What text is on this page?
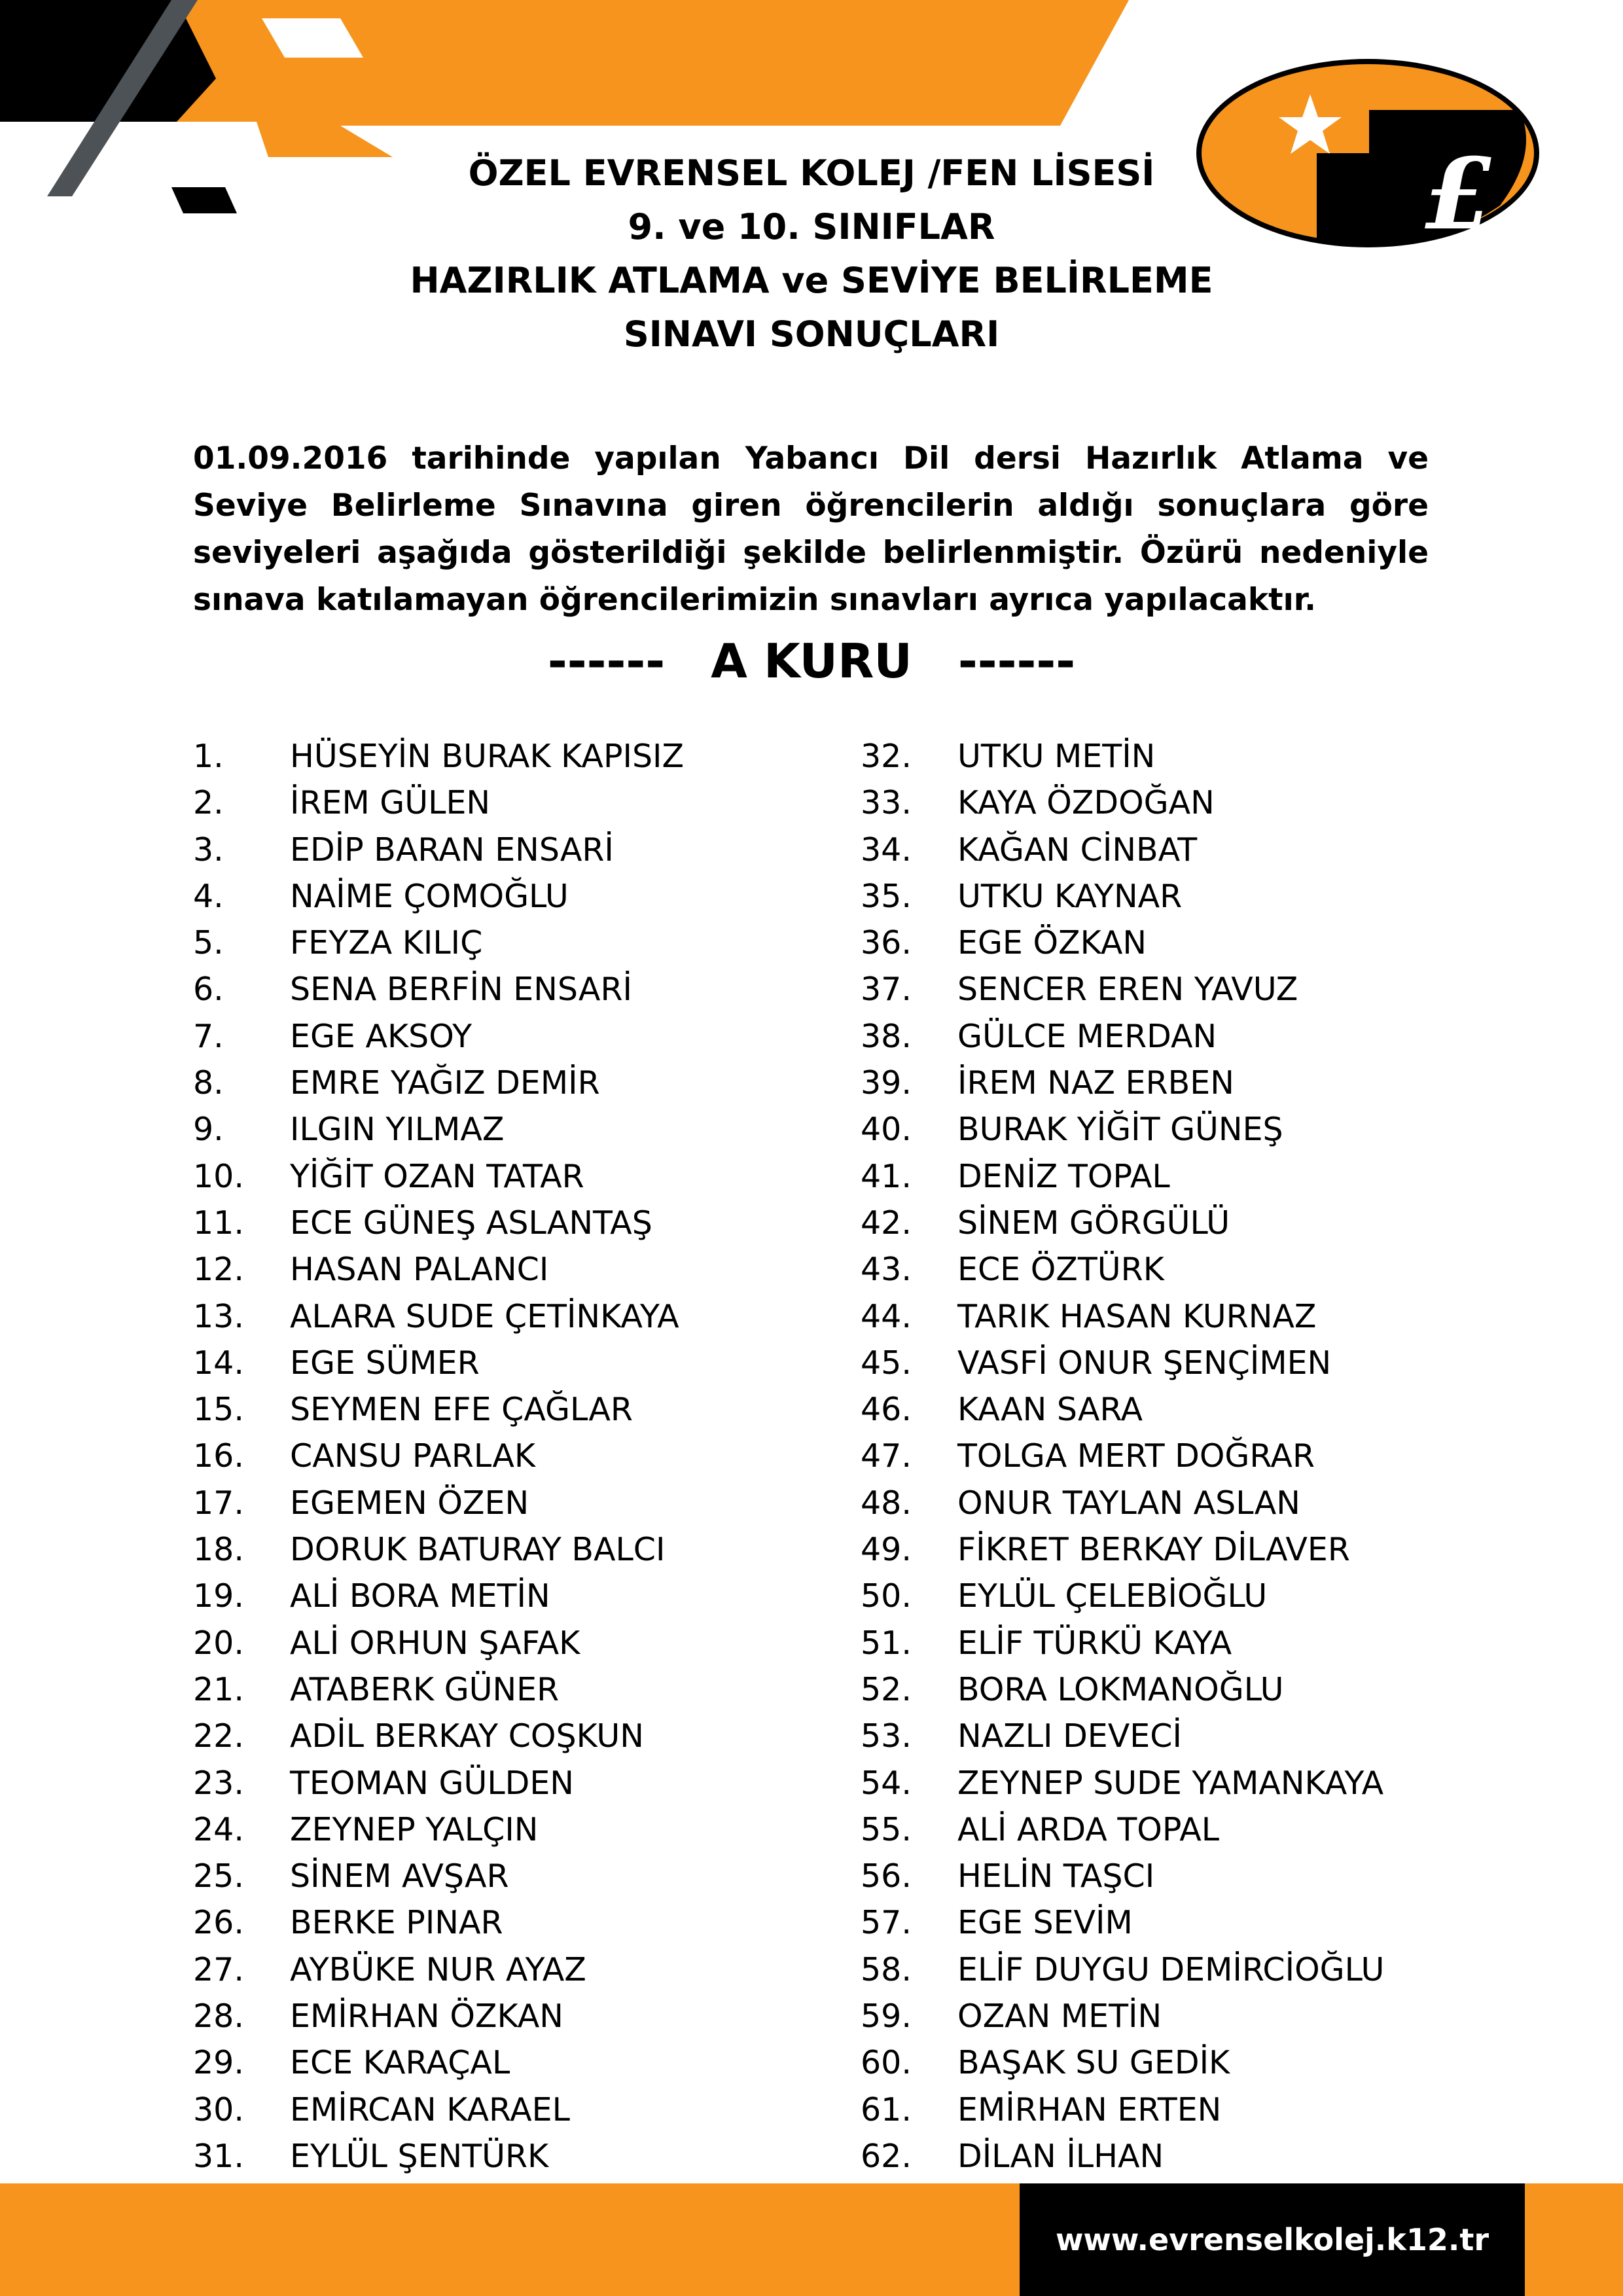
£
ÖZEL EVRENSEL KOLEJ /FEN LİSESİ
9. ve 10. SINIFLAR
HAZIRLIK ATLAMA ve SEVİYE BELİRLEME
SINAVI SONUÇLARI

01.09.2016 tarihinde yapılan Yabancı Dil dersi Hazırlık Atlama ve Seviye Belirleme Sınavına giren öğrencilerin aldığı sonuçlara göre seviyeleri aşağıda gösterildiği şekilde belirlenmiştir. Özürü nedeniyle sınava katılamayan öğrencilerimizin sınavları ayrıca yapılacaktır.

------ A KURU ------
1. HÜSEYİN BURAK KAPISIZ
2. İREM GÜLEN
3. EDİP BARAN ENSARİ
4. NAİME ÇOMOĞLU
5. FEYZA KILIÇ
6. SENA BERFİN ENSARİ
7. EGE AKSOY
8. EMRE YAĞIZ DEMİR
9. ILGIN YILMAZ
10. YİĞİT OZAN TATAR
11. ECE GÜNEŞ ASLANTAŞ
12. HASAN PALANCI
13. ALARA SUDE ÇETİNKAYA
14. EGE SÜMER
15. SEYMEN EFE ÇAĞLAR
16. CANSU PARLAK
17. EGEMEN ÖZEN
18. DORUK BATURAY BALCI
19. ALİ BORA METİN
20. ALİ ORHUN ŞAFAK
21. ATABERK GÜNER
22. ADİL BERKAY COŞKUN
23. TEOMAN GÜLDEN
24. ZEYNEP YALÇIN
25. SİNEM AVŞAR
26. BERKE PINAR
27. AYBÜKE NUR AYAZ
28. EMİRHAN ÖZKAN
29. ECE KARAÇAL
30. EMİRCAN KARAEL
31. EYLÜL ŞENTÜRK
32. UTKU METİN
33. KAYA ÖZDOĞAN
34. KAĞAN CİNBAT
35. UTKU KAYNAR
36. EGE ÖZKAN
37. SENCER EREN YAVUZ
38. GÜLCE MERDAN
39. İREM NAZ ERBEN
40. BURAK YİĞİT GÜNEŞ
41. DENİZ TOPAL
42. SİNEM GÖRGÜLÜ
43. ECE ÖZTÜRK
44. TARIK HASAN KURNAZ
45. VASFİ ONUR ŞENÇİMEN
46. KAAN SARA
47. TOLGA MERT DOĞRAR
48. ONUR TAYLAN ASLAN
49. FİKRET BERKAY DİLAVER
50. EYLÜL ÇELEBİOĞLU
51. ELİF TÜRKÜ KAYA
52. BORA LOKMANOĞLU
53. NAZLI DEVECİ
54. ZEYNEP SUDE YAMANKAYA
55. ALİ ARDA TOPAL
56. HELİN TAŞCI
57. EGE SEVİM
58. ELİF DUYGU DEMİRCİOĞLU
59. OZAN METİN
60. BAŞAK SU GEDİK
61. EMİRHAN ERTEN
62. DİLAN İLHAN
www.evrenselkolej.k12.tr
